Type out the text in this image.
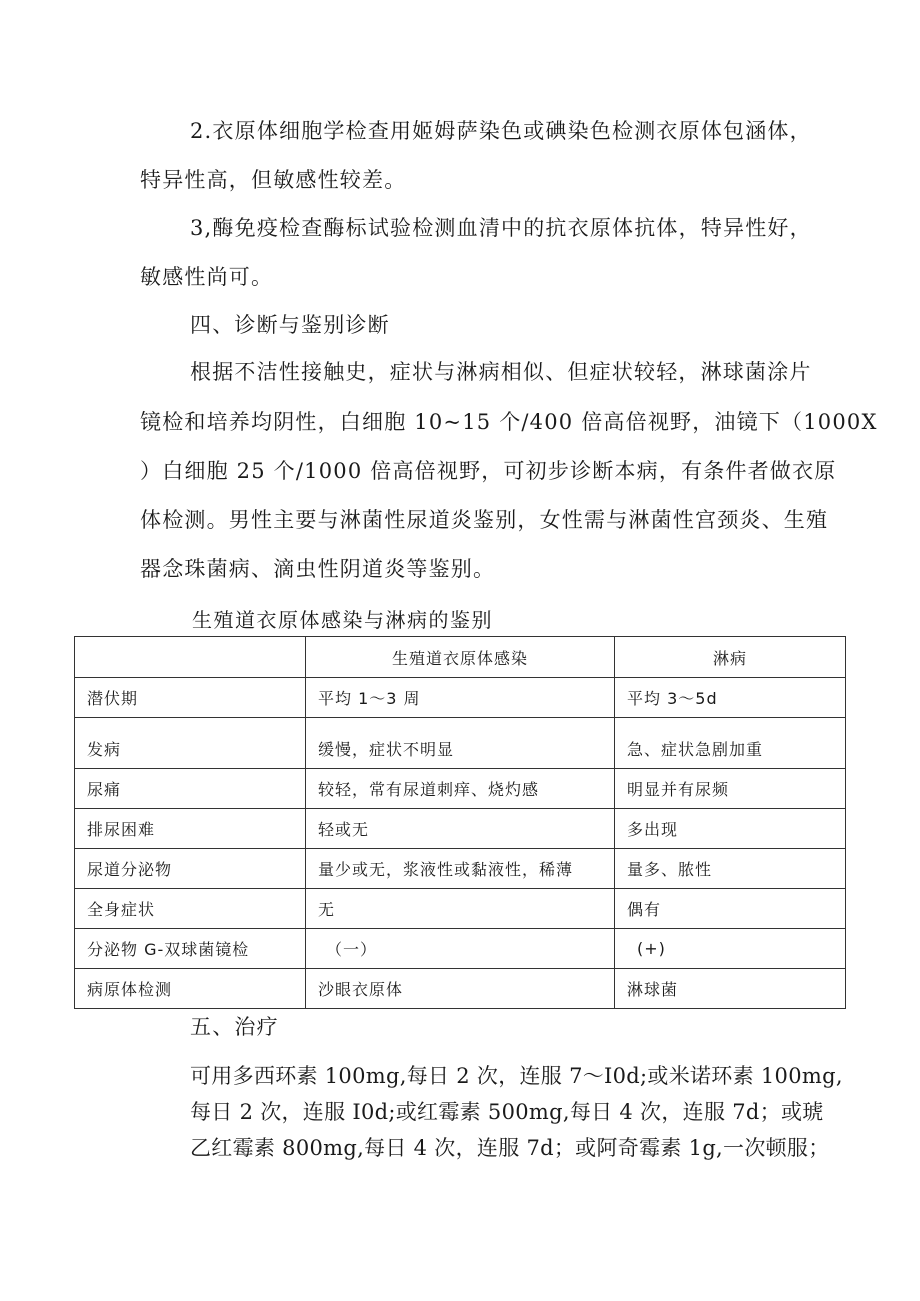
2.衣原体细胞学检查用姬姆萨染色或碘染色检测衣原体包涵体，
特异性高，但敏感性较差。
3,酶免疫检查酶标试验检测血清中的抗衣原体抗体，特异性好，
敏感性尚可。
四、诊断与鉴别诊断
根据不洁性接触史，症状与淋病相似、但症状较轻，淋球菌涂片
镜检和培养均阴性，白细胞 10~15 个/400 倍高倍视野，油镜下（1000X
）白细胞 25 个/1000 倍高倍视野，可初步诊断本病，有条件者做衣原
体检测。男性主要与淋菌性尿道炎鉴别，女性需与淋菌性宫颈炎、生殖
器念珠菌病、滴虫性阴道炎等鉴别。
生殖道衣原体感染与淋病的鉴别
	生殖道衣原体感染	淋病
潜伏期	平均 1～3 周	平均 3～5d
发病	缓慢，症状不明显	急、症状急剧加重
尿痛	较轻，常有尿道刺痒、烧灼感	明显并有尿频
排尿困难	轻或无	多出现
尿道分泌物	量少或无，浆液性或黏液性，稀薄	量多、脓性
全身症状	无	偶有
分泌物 G-双球菌镜检	（一）	(+)
病原体检测	沙眼衣原体	淋球菌
五、治疗
可用多西环素 100mg,每日 2 次，连服 7～I0d;或米诺环素 100mg,
每日 2 次，连服 I0d;或红霉素 500mg,每日 4 次，连服 7d；或琥
乙红霉素 800mg,每日 4 次，连服 7d；或阿奇霉素 1g,一次顿服；
